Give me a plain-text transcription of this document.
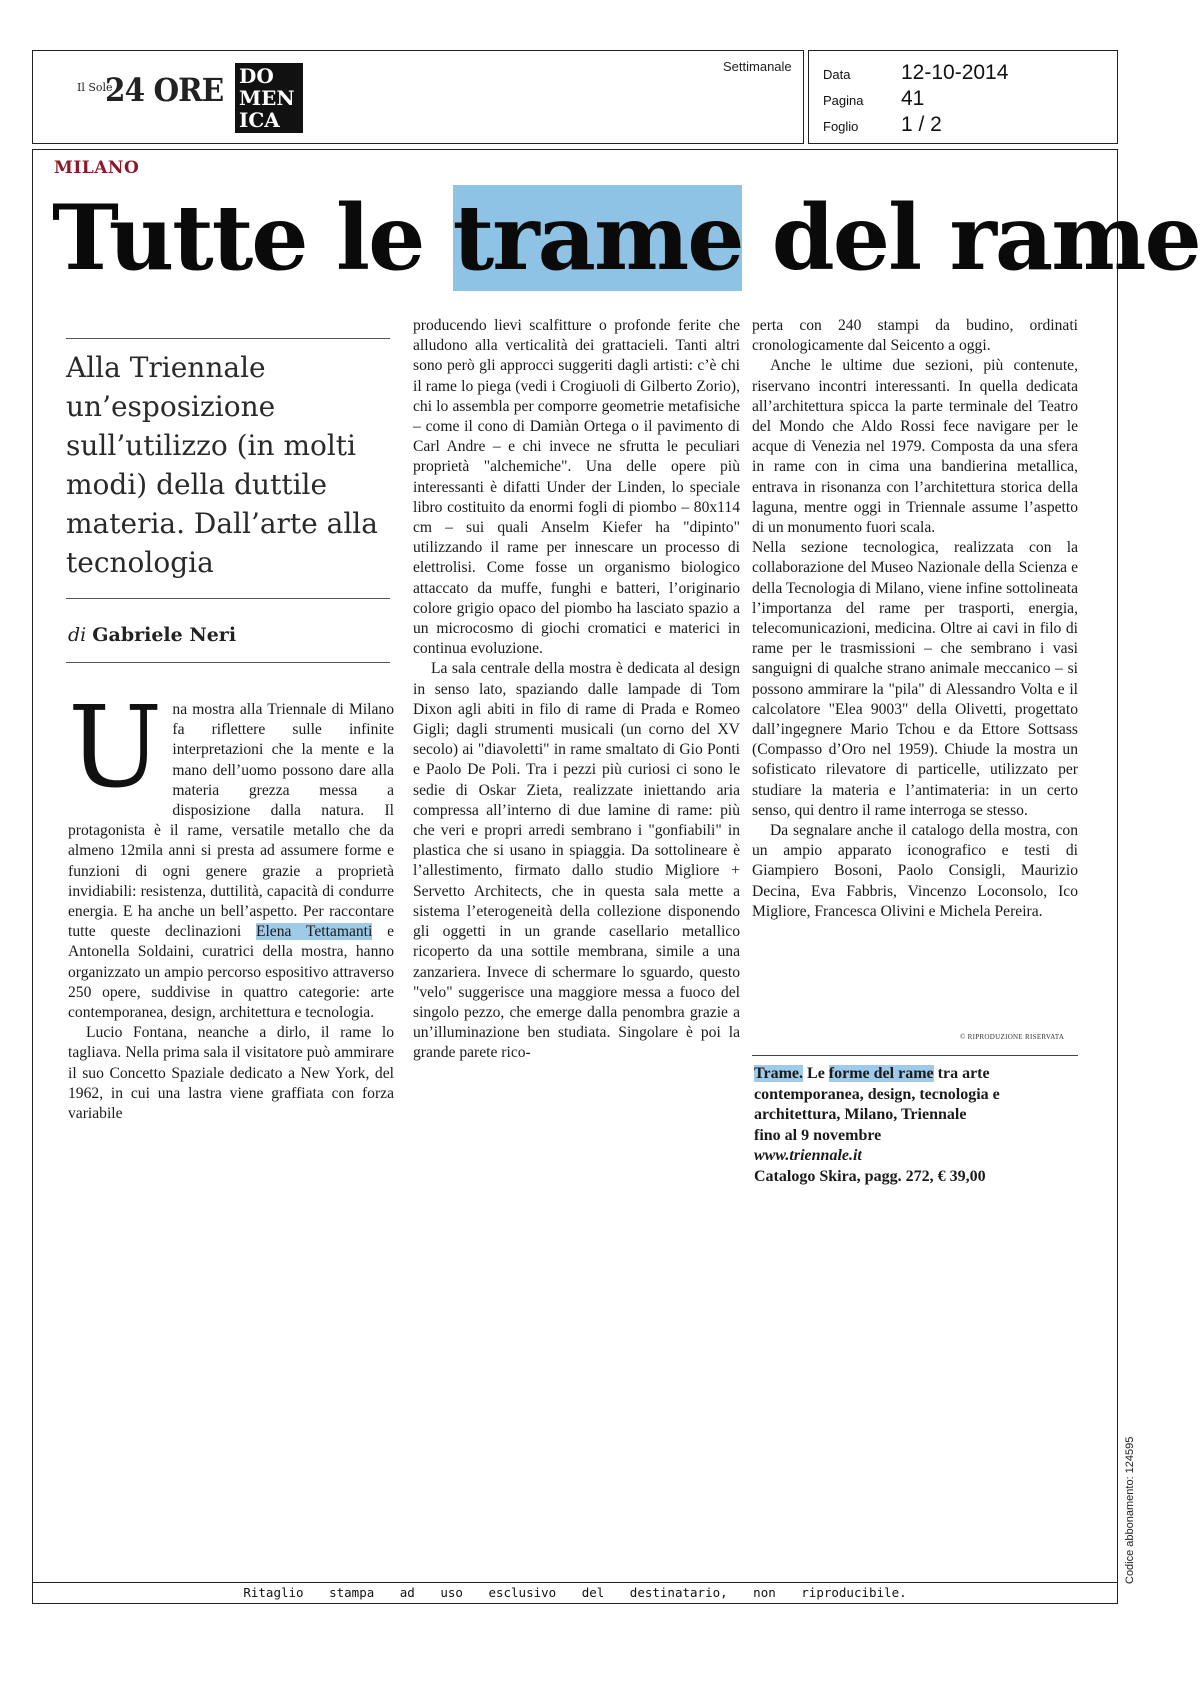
Il Sole
24 ORE DO
MEN
ICA
Settimanale
Data	12-10-2014
Pagina	41
Foglio	1 / 2
MILANO
Tutte le trame del rame
Alla Triennale un’esposizione sull’utilizzo (in molti modi) della duttile materia. Dall’arte alla tecnologia
di Gabriele Neri

Una mostra alla Triennale di Milano fa riflettere sulle infinite interpretazioni che la mente e la mano dell’uomo possono dare alla materia grezza messa a disposizione dalla natura. Il protagonista è il rame, versatile metallo che da almeno 12mila anni si presta ad assumere forme e funzioni di ogni genere grazie a proprietà invidiabili: resistenza, duttilità, capacità di condurre energia. E ha anche un bell’aspetto. Per raccontare tutte queste declinazioni Elena Tettamanti e Antonella Soldaini, curatrici della mostra, hanno organizzato un ampio percorso espositivo attraverso 250 opere, suddivise in quattro categorie: arte contemporanea, design, architettura e tecnologia.

Lucio Fontana, neanche a dirlo, il rame lo tagliava. Nella prima sala il visitatore può ammirare il suo Concetto Spaziale dedicato a New York, del 1962, in cui una lastra viene graffiata con forza variabile

producendo lievi scalfitture o profonde ferite che alludono alla verticalità dei grattacieli. Tanti altri sono però gli approcci suggeriti dagli artisti: c’è chi il rame lo piega (vedi i Crogiuoli di Gilberto Zorio), chi lo assembla per comporre geometrie metafisiche – come il cono di Damiàn Ortega o il pavimento di Carl Andre – e chi invece ne sfrutta le peculiari proprietà "alchemiche". Una delle opere più interessanti è difatti Under der Linden, lo speciale libro costituito da enormi fogli di piombo – 80x114 cm – sui quali Anselm Kiefer ha "dipinto" utilizzando il rame per innescare un processo di elettrolisi. Come fosse un organismo biologico attaccato da muffe, funghi e batteri, l’originario colore grigio opaco del piombo ha lasciato spazio a un microcosmo di giochi cromatici e materici in continua evoluzione.

La sala centrale della mostra è dedicata al design in senso lato, spaziando dalle lampade di Tom Dixon agli abiti in filo di rame di Prada e Romeo Gigli; dagli strumenti musicali (un corno del XV secolo) ai "diavoletti" in rame smaltato di Gio Ponti e Paolo De Poli. Tra i pezzi più curiosi ci sono le sedie di Oskar Zieta, realizzate iniettando aria compressa all’interno di due lamine di rame: più che veri e propri arredi sembrano i "gonfiabili" in plastica che si usano in spiaggia. Da sottolineare è l’allestimento, firmato dallo studio Migliore + Servetto Architects, che in questa sala mette a sistema l’eterogeneità della collezione disponendo gli oggetti in un grande casellario metallico ricoperto da una sottile membrana, simile a una zanzariera. Invece di schermare lo sguardo, questo "velo" suggerisce una maggiore messa a fuoco del singolo pezzo, che emerge dalla penombra grazie a un’illuminazione ben studiata. Singolare è poi la grande parete rico-

perta con 240 stampi da budino, ordinati cronologicamente dal Seicento a oggi.

Anche le ultime due sezioni, più contenute, riservano incontri interessanti. In quella dedicata all’architettura spicca la parte terminale del Teatro del Mondo che Aldo Rossi fece navigare per le acque di Venezia nel 1979. Composta da una sfera in rame con in cima una bandierina metallica, entrava in risonanza con l’architettura storica della laguna, mentre oggi in Triennale assume l’aspetto di un monumento fuori scala.

Nella sezione tecnologica, realizzata con la collaborazione del Museo Nazionale della Scienza e della Tecnologia di Milano, viene infine sottolineata l’importanza del rame per trasporti, energia, telecomunicazioni, medicina. Oltre ai cavi in filo di rame per le trasmissioni – che sembrano i vasi sanguigni di qualche strano animale meccanico – si possono ammirare la "pila" di Alessandro Volta e il calcolatore "Elea 9003" della Olivetti, progettato dall’ingegnere Mario Tchou e da Ettore Sottsass (Compasso d’Oro nel 1959). Chiude la mostra un sofisticato rilevatore di particelle, utilizzato per studiare la materia e l’antimateria: in un certo senso, qui dentro il rame interroga se stesso.

Da segnalare anche il catalogo della mostra, con un ampio apparato iconografico e testi di Giampiero Bosoni, Paolo Consigli, Maurizio Decina, Eva Fabbris, Vincenzo Loconsolo, Ico Migliore, Francesca Olivini e Michela Pereira.

© RIPRODUZIONE RISERVATA
Trame. Le forme del rame tra arte contemporanea, design, tecnologia e architettura, Milano, Triennale
fino al 9 novembre
www.triennale.it
Catalogo Skira, pagg. 272, € 39,00
Ritaglio stampa ad uso esclusivo del destinatario, non riproducibile.
Codice abbonamento: 124595
